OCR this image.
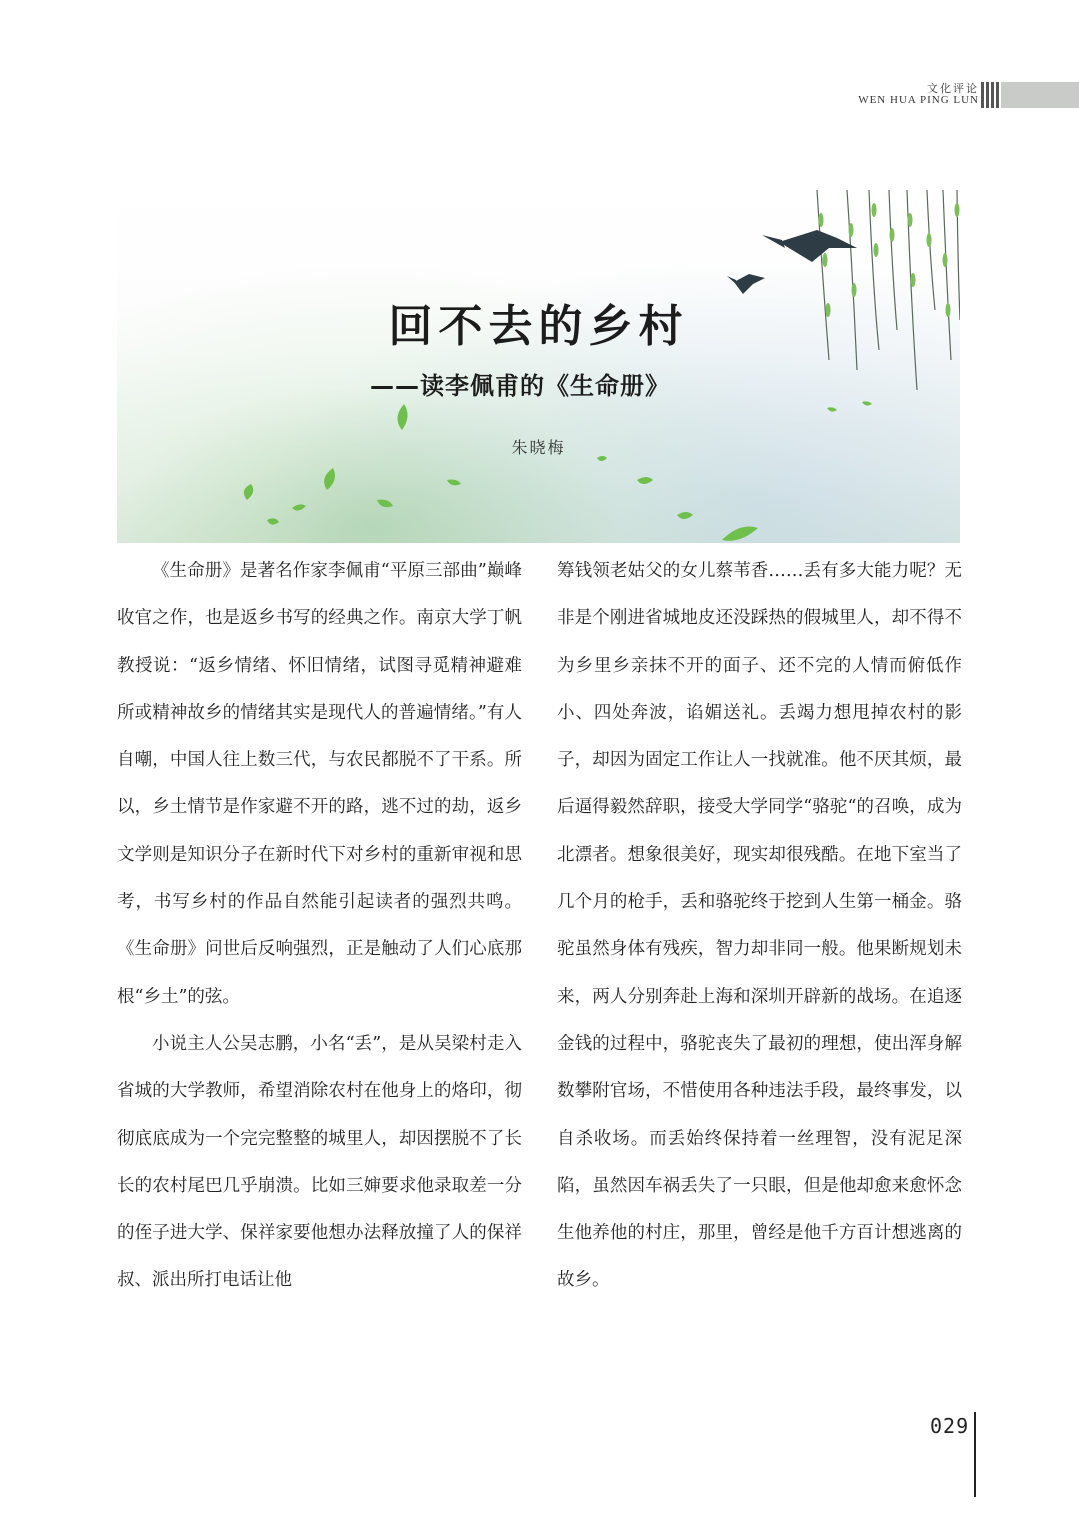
文化评论
WEN HUA PING LUN
回不去的乡村
——读李佩甫的《生命册》
朱晓梅

《生命册》是著名作家李佩甫“平原三部曲”巅峰收官之作，也是返乡书写的经典之作。南京大学丁帆教授说：“返乡情绪、怀旧情绪，试图寻觅精神避难所或精神故乡的情绪其实是现代人的普遍情绪。”有人自嘲，中国人往上数三代，与农民都脱不了干系。所以，乡土情节是作家避不开的路，逃不过的劫，返乡文学则是知识分子在新时代下对乡村的重新审视和思考，书写乡村的作品自然能引起读者的强烈共鸣。《生命册》问世后反响强烈，正是触动了人们心底那根“乡土”的弦。

小说主人公吴志鹏，小名“丢”，是从吴梁村走入省城的大学教师，希望消除农村在他身上的烙印，彻彻底底成为一个完完整整的城里人，却因摆脱不了长长的农村尾巴几乎崩溃。比如三婶要求他录取差一分的侄子进大学、保祥家要他想办法释放撞了人的保祥叔、派出所打电话让他

筹钱领老姑父的女儿蔡苇香……丢有多大能力呢？无非是个刚进省城地皮还没踩热的假城里人，却不得不为乡里乡亲抹不开的面子、还不完的人情而俯低作小、四处奔波，谄媚送礼。丢竭力想甩掉农村的影子，却因为固定工作让人一找就准。他不厌其烦，最后逼得毅然辞职，接受大学同学“骆驼“的召唤，成为北漂者。想象很美好，现实却很残酷。在地下室当了几个月的枪手，丢和骆驼终于挖到人生第一桶金。骆驼虽然身体有残疾，智力却非同一般。他果断规划未来，两人分别奔赴上海和深圳开辟新的战场。在追逐金钱的过程中，骆驼丧失了最初的理想，使出浑身解数攀附官场，不惜使用各种违法手段，最终事发，以自杀收场。而丢始终保持着一丝理智，没有泥足深陷，虽然因车祸丢失了一只眼，但是他却愈来愈怀念生他养他的村庄，那里，曾经是他千方百计想逃离的故乡。

029
